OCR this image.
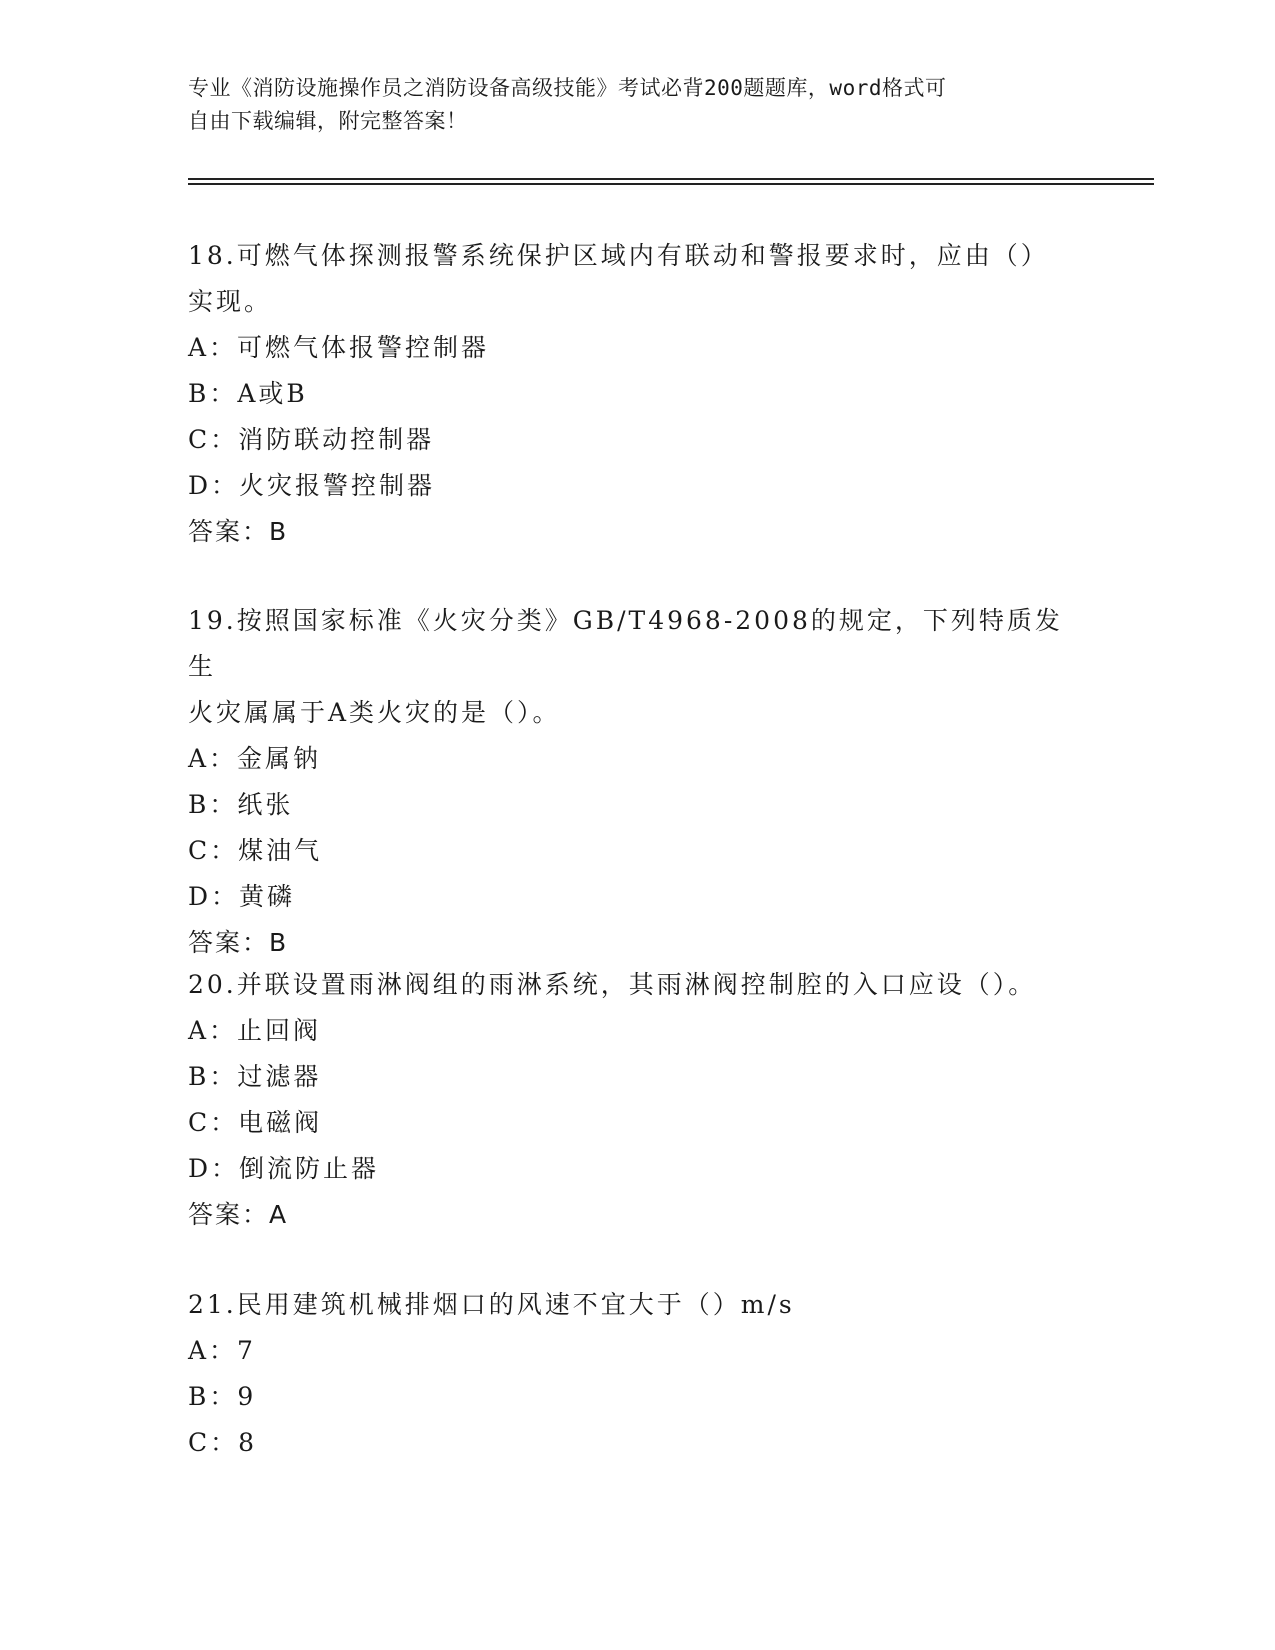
专业《消防设施操作员之消防设备高级技能》考试必背200题题库，word格式可

自由下载编辑，附完整答案！

18.可燃气体探测报警系统保护区域内有联动和警报要求时，应由（）

实现。

A：可燃气体报警控制器

B：A或B

C：消防联动控制器

D：火灾报警控制器

答案：B

19.按照国家标准《火灾分类》GB/T4968-2008的规定，下列特质发生

火灾属属于A类火灾的是（）。

A：金属钠

B：纸张

C：煤油气

D：黄磷

答案：B

20.并联设置雨淋阀组的雨淋系统，其雨淋阀控制腔的入口应设（）。

A：止回阀

B：过滤器

C：电磁阀

D：倒流防止器

答案：A

21.民用建筑机械排烟口的风速不宜大于（）m/s

A：7

B：9

C：8
